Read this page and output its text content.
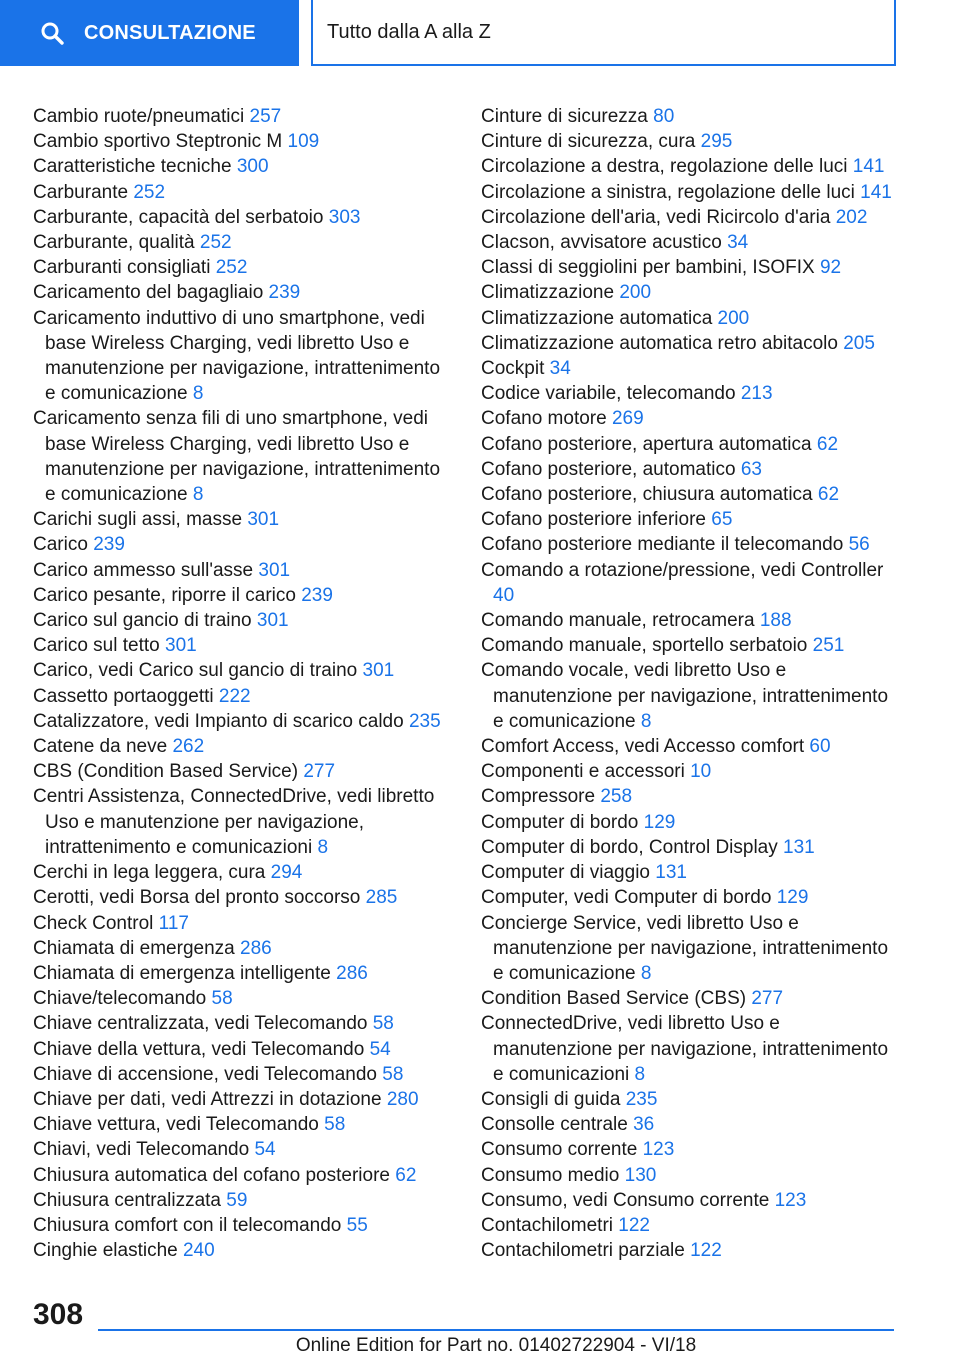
CONSULTAZIONE	Tutto dalla A alla Z
Cambio ruote/pneumatici 257
Cambio sportivo Steptronic M 109
Caratteristiche tecniche 300
Carburante 252
Carburante, capacità del serbatoio 303
Carburante, qualità 252
Carburanti consigliati 252
Caricamento del bagagliaio 239
Caricamento induttivo di uno smartphone, vedi base Wireless Charging, vedi libretto Uso e manutenzione per navigazione, intrattenimento e comunicazione 8
Caricamento senza fili di uno smartphone, vedi base Wireless Charging, vedi libretto Uso e manutenzione per navigazione, intrattenimento e comunicazione 8
Carichi sugli assi, masse 301
Carico 239
Carico ammesso sull'asse 301
Carico pesante, riporre il carico 239
Carico sul gancio di traino 301
Carico sul tetto 301
Carico, vedi Carico sul gancio di traino 301
Cassetto portaoggetti 222
Catalizzatore, vedi Impianto di scarico caldo 235
Catene da neve 262
CBS (Condition Based Service) 277
Centri Assistenza, ConnectedDrive, vedi libretto Uso e manutenzione per navigazione, intrattenimento e comunicazioni 8
Cerchi in lega leggera, cura 294
Cerotti, vedi Borsa del pronto soccorso 285
Check Control 117
Chiamata di emergenza 286
Chiamata di emergenza intelligente 286
Chiave/telecomando 58
Chiave centralizzata, vedi Telecomando 58
Chiave della vettura, vedi Telecomando 54
Chiave di accensione, vedi Telecomando 58
Chiave per dati, vedi Attrezzi in dotazione 280
Chiave vettura, vedi Telecomando 58
Chiavi, vedi Telecomando 54
Chiusura automatica del cofano posteriore 62
Chiusura centralizzata 59
Chiusura comfort con il telecomando 55
Cinghie elastiche 240
Cinture di sicurezza 80
Cinture di sicurezza, cura 295
Circolazione a destra, regolazione delle luci 141
Circolazione a sinistra, regolazione delle luci 141
Circolazione dell'aria, vedi Ricircolo d'aria 202
Clacson, avvisatore acustico 34
Classi di seggiolini per bambini, ISOFIX 92
Climatizzazione 200
Climatizzazione automatica 200
Climatizzazione automatica retro abitacolo 205
Cockpit 34
Codice variabile, telecomando 213
Cofano motore 269
Cofano posteriore, apertura automatica 62
Cofano posteriore, automatico 63
Cofano posteriore, chiusura automatica 62
Cofano posteriore inferiore 65
Cofano posteriore mediante il telecomando 56
Comando a rotazione/pressione, vedi Controller 40
Comando manuale, retrocamera 188
Comando manuale, sportello serbatoio 251
Comando vocale, vedi libretto Uso e manutenzione per navigazione, intrattenimento e comunicazione 8
Comfort Access, vedi Accesso comfort 60
Componenti e accessori 10
Compressore 258
Computer di bordo 129
Computer di bordo, Control Display 131
Computer di viaggio 131
Computer, vedi Computer di bordo 129
Concierge Service, vedi libretto Uso e manutenzione per navigazione, intrattenimento e comunicazione 8
Condition Based Service (CBS) 277
ConnectedDrive, vedi libretto Uso e manutenzione per navigazione, intrattenimento e comunicazioni 8
Consigli di guida 235
Consolle centrale 36
Consumo corrente 123
Consumo medio 130
Consumo, vedi Consumo corrente 123
Contachilometri 122
Contachilometri parziale 122
308
Online Edition for Part no. 01402722904 - VI/18
